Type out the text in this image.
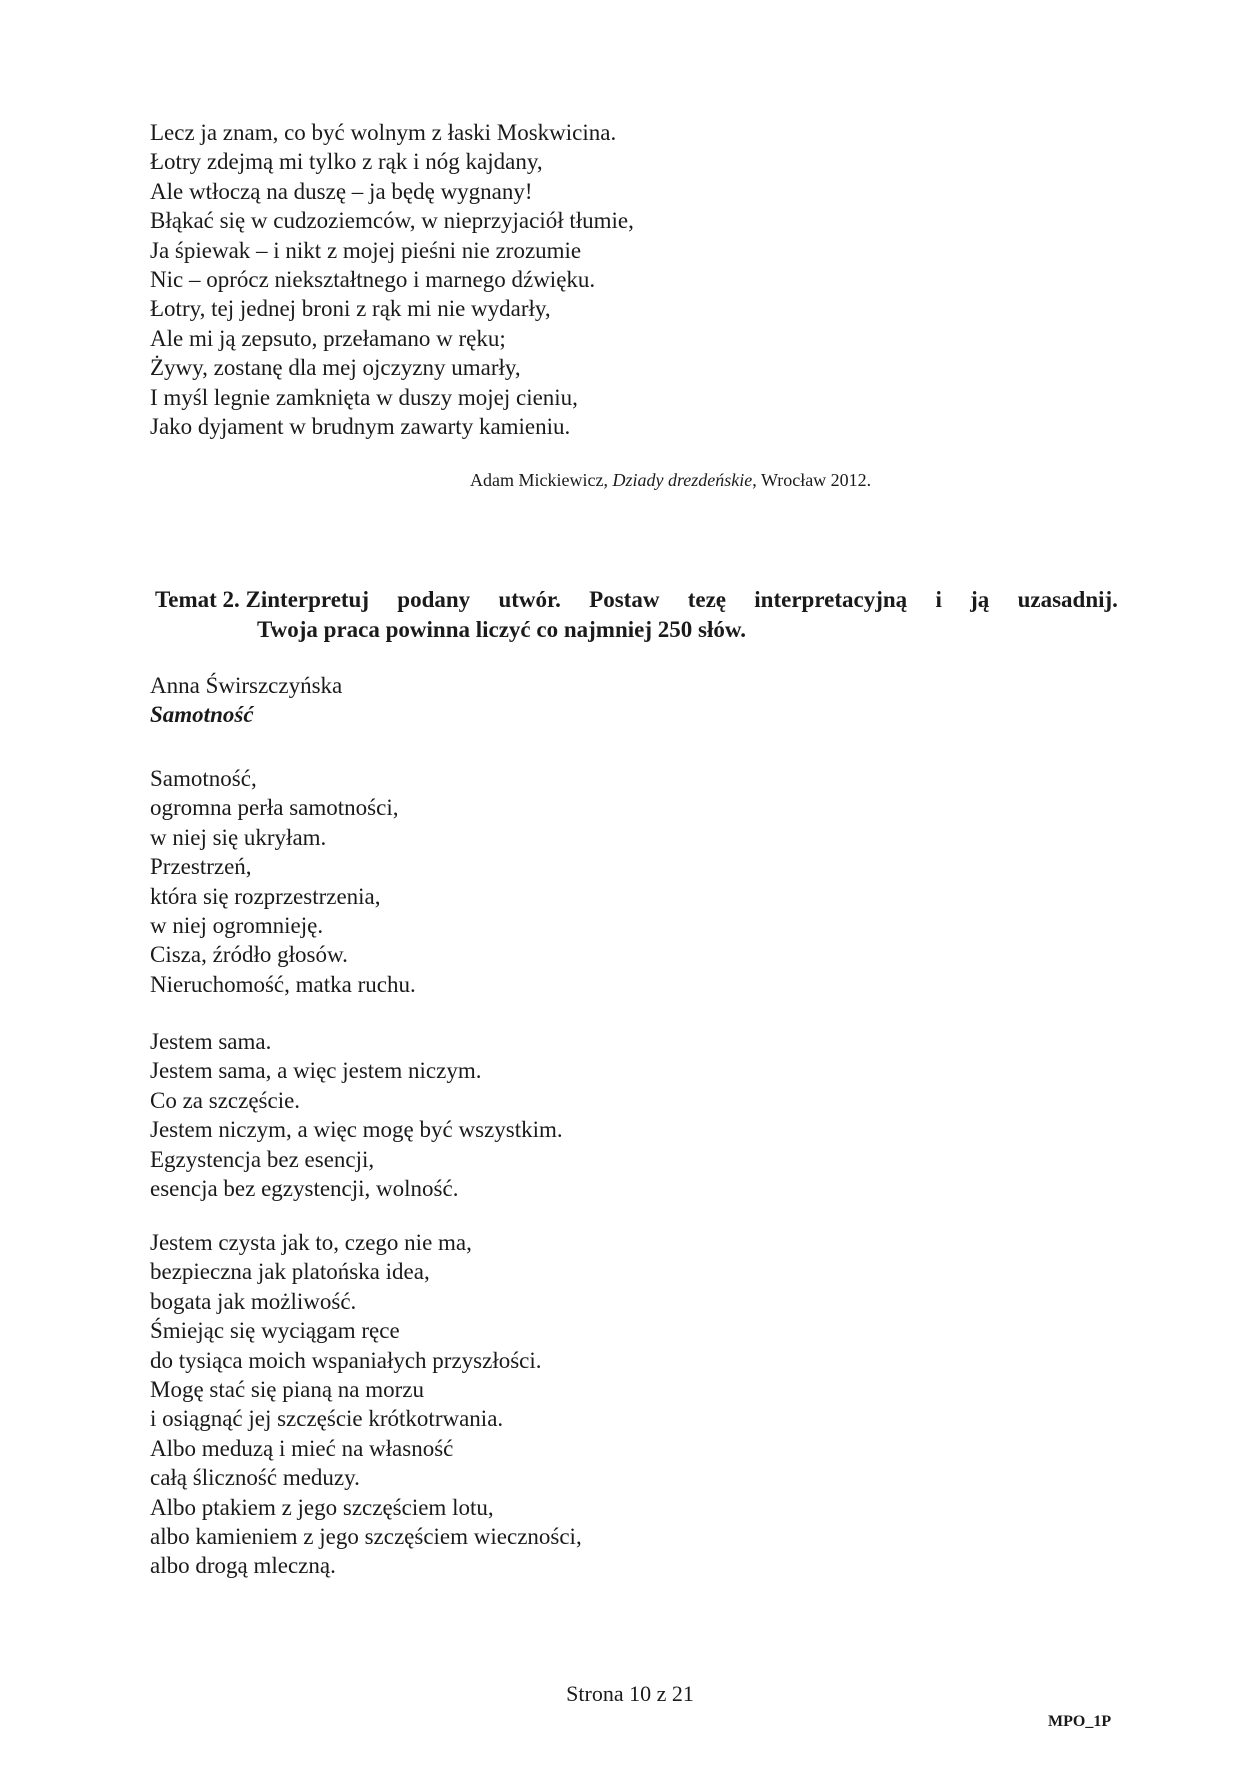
Lecz ja znam, co być wolnym z łaski Moskwicina.
Łotry zdejmą mi tylko z rąk i nóg kajdany,
Ale wtłoczą na duszę – ja będę wygnany!
Błąkać się w cudzoziemców, w nieprzyjaciół tłumie,
Ja śpiewak – i nikt z mojej pieśni nie zrozumie
Nic – oprócz niekształtnego i marnego dźwięku.
Łotry, tej jednej broni z rąk mi nie wydarły,
Ale mi ją zepsuto, przełamano w ręku;
Żywy, zostanę dla mej ojczyzny umarły,
I myśl legnie zamknięta w duszy mojej cieniu,
Jako dyjament w brudnym zawarty kamieniu.
Adam Mickiewicz, Dziady drezdeńskie, Wrocław 2012.
Temat 2. Zinterpretuj podany utwór. Postaw tezę interpretacyjną i ją uzasadnij.
Twoja praca powinna liczyć co najmniej 250 słów.
Anna Świrszczyńska
Samotność
Samotność,
ogromna perła samotności,
w niej się ukryłam.
Przestrzeń,
która się rozprzestrzenia,
w niej ogromnieję.
Cisza, źródło głosów.
Nieruchomość, matka ruchu.
Jestem sama.
Jestem sama, a więc jestem niczym.
Co za szczęście.
Jestem niczym, a więc mogę być wszystkim.
Egzystencja bez esencji,
esencja bez egzystencji, wolność.
Jestem czysta jak to, czego nie ma,
bezpieczna jak platońska idea,
bogata jak możliwość.
Śmiejąc się wyciągam ręce
do tysiąca moich wspaniałych przyszłości.
Mogę stać się pianą na morzu
i osiągnąć jej szczęście krótkotrwania.
Albo meduzą i mieć na własność
całą śliczność meduzy.
Albo ptakiem z jego szczęściem lotu,
albo kamieniem z jego szczęściem wieczności,
albo drogą mleczną.
Strona 10 z 21
MPO_1P
